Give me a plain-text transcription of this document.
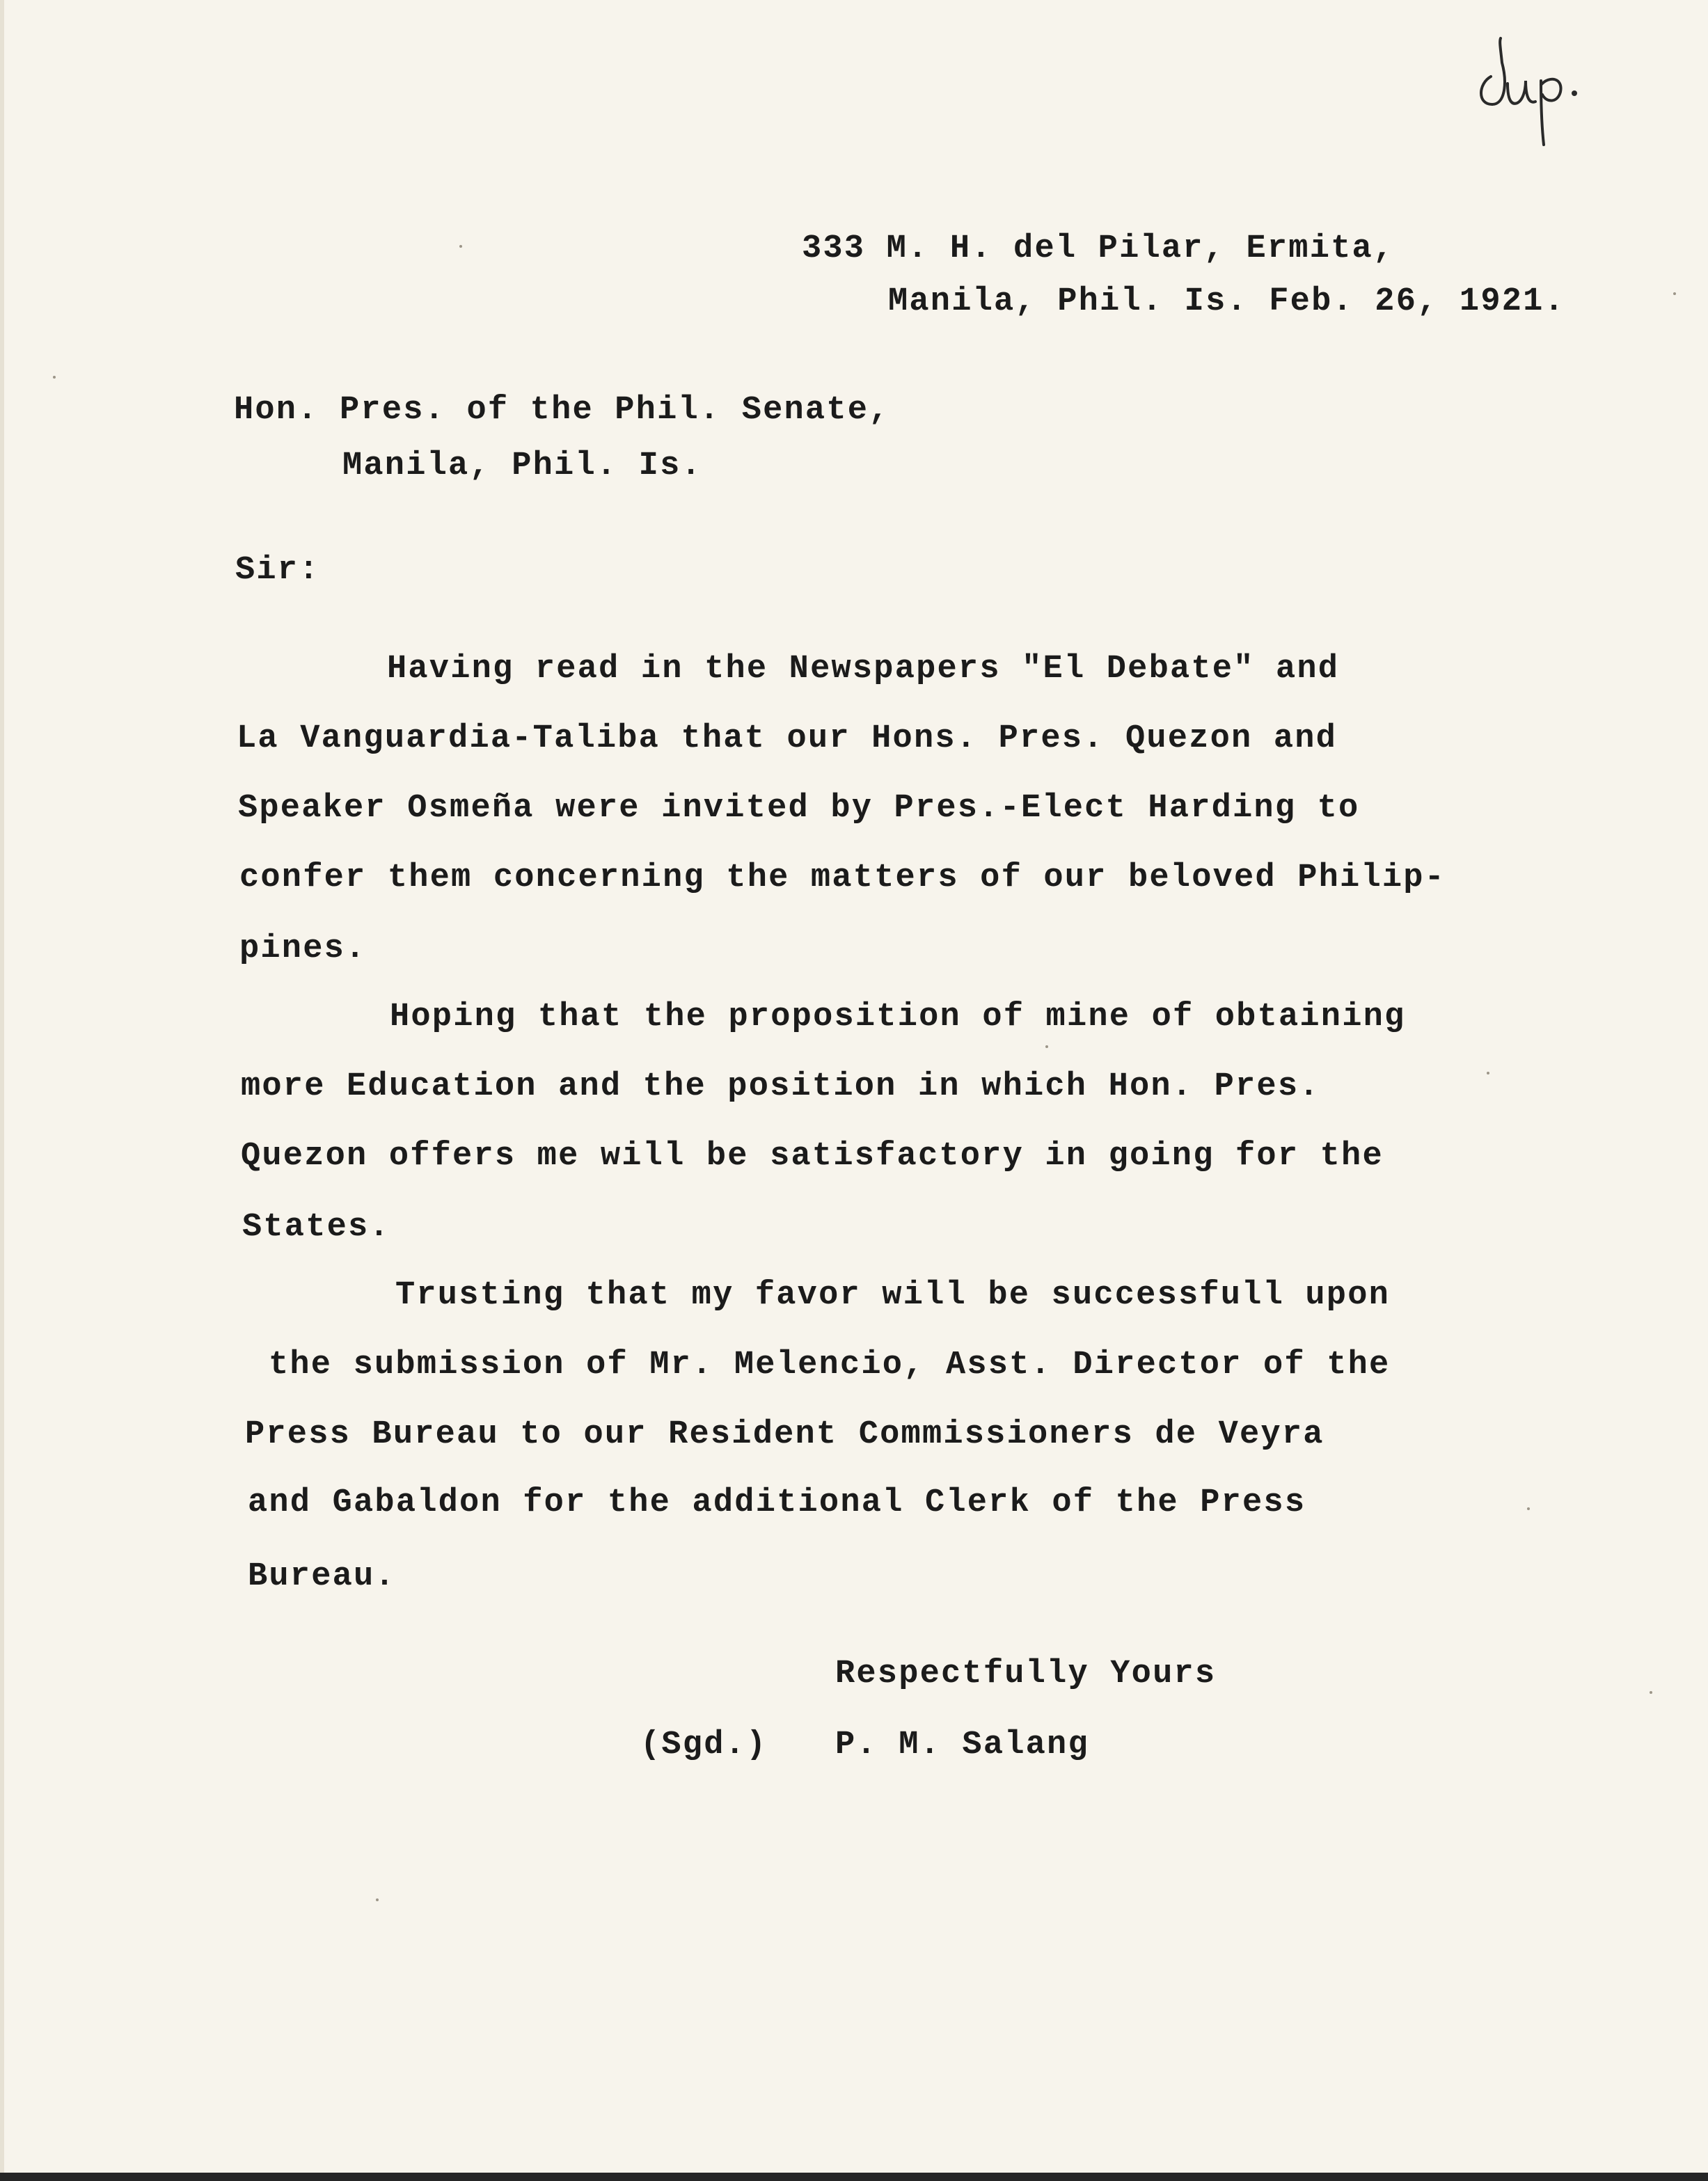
333 M. H. del Pilar, Ermita,
Manila, Phil. Is. Feb. 26, 1921.
Hon. Pres. of the Phil. Senate,
Manila, Phil. Is.
Sir:
Having read in the Newspapers "El Debate" and
La Vanguardia-Taliba that our Hons. Pres. Quezon and
Speaker Osmeña were invited by Pres.-Elect Harding to
confer them concerning the matters of our beloved Philip-
pines.
Hoping that the proposition of mine of obtaining
more Education and the position in which Hon. Pres.
Quezon offers me will be satisfactory in going for the
States.
Trusting that my favor will be successfull upon
the submission of Mr. Melencio, Asst. Director of the
Press Bureau to our Resident Commissioners de Veyra
and Gabaldon for the additional Clerk of the Press
Bureau.
Respectfully Yours
(Sgd.) P. M. Salang
